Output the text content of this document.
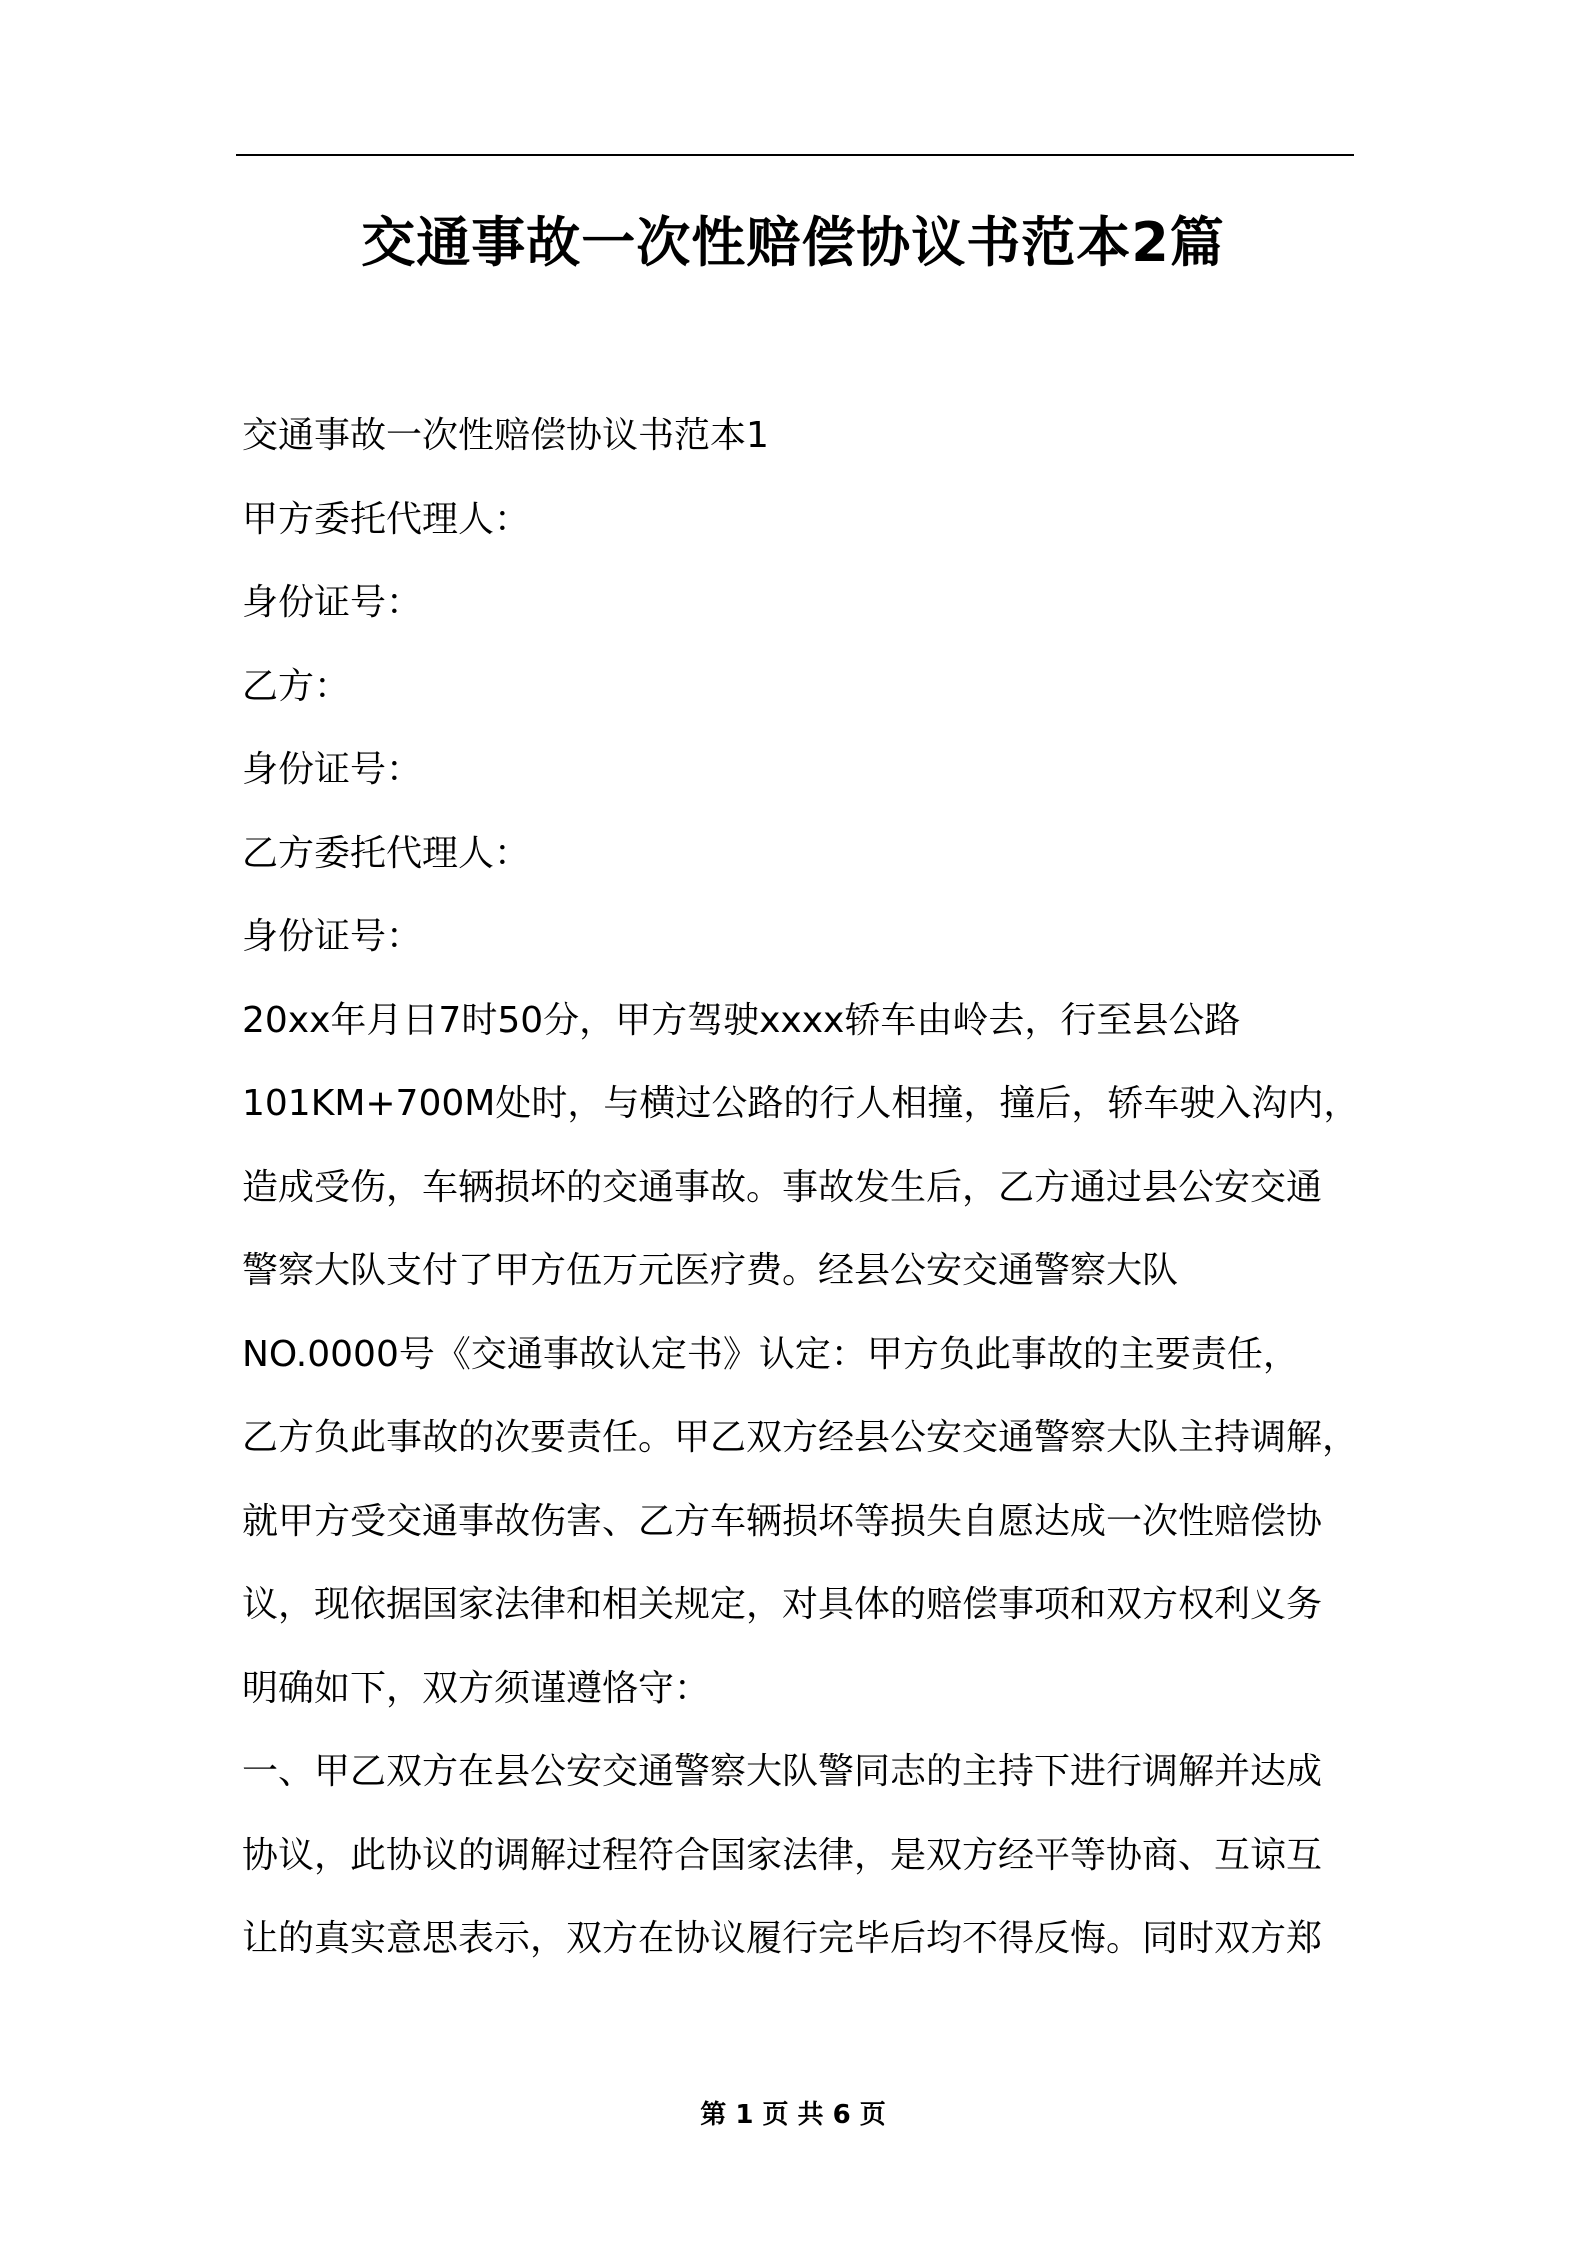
交通事故一次性赔偿协议书范本2篇
交通事故一次性赔偿协议书范本1
甲方委托代理人：
身份证号：
乙方：
身份证号：
乙方委托代理人：
身份证号：
20xx年月日7时50分，甲方驾驶xxxx轿车由岭去，行至县公路
101KM+700M处时，与横过公路的行人相撞，撞后，轿车驶入沟内，
造成受伤，车辆损坏的交通事故。事故发生后，乙方通过县公安交通
警察大队支付了甲方伍万元医疗费。经县公安交通警察大队
NO.0000号《交通事故认定书》认定：甲方负此事故的主要责任，
乙方负此事故的次要责任。甲乙双方经县公安交通警察大队主持调解，
就甲方受交通事故伤害、乙方车辆损坏等损失自愿达成一次性赔偿协
议，现依据国家法律和相关规定，对具体的赔偿事项和双方权利义务
明确如下，双方须谨遵恪守：
一、甲乙双方在县公安交通警察大队警同志的主持下进行调解并达成
协议，此协议的调解过程符合国家法律，是双方经平等协商、互谅互
让的真实意思表示，双方在协议履行完毕后均不得反悔。同时双方郑
第 1 页 共 6 页
